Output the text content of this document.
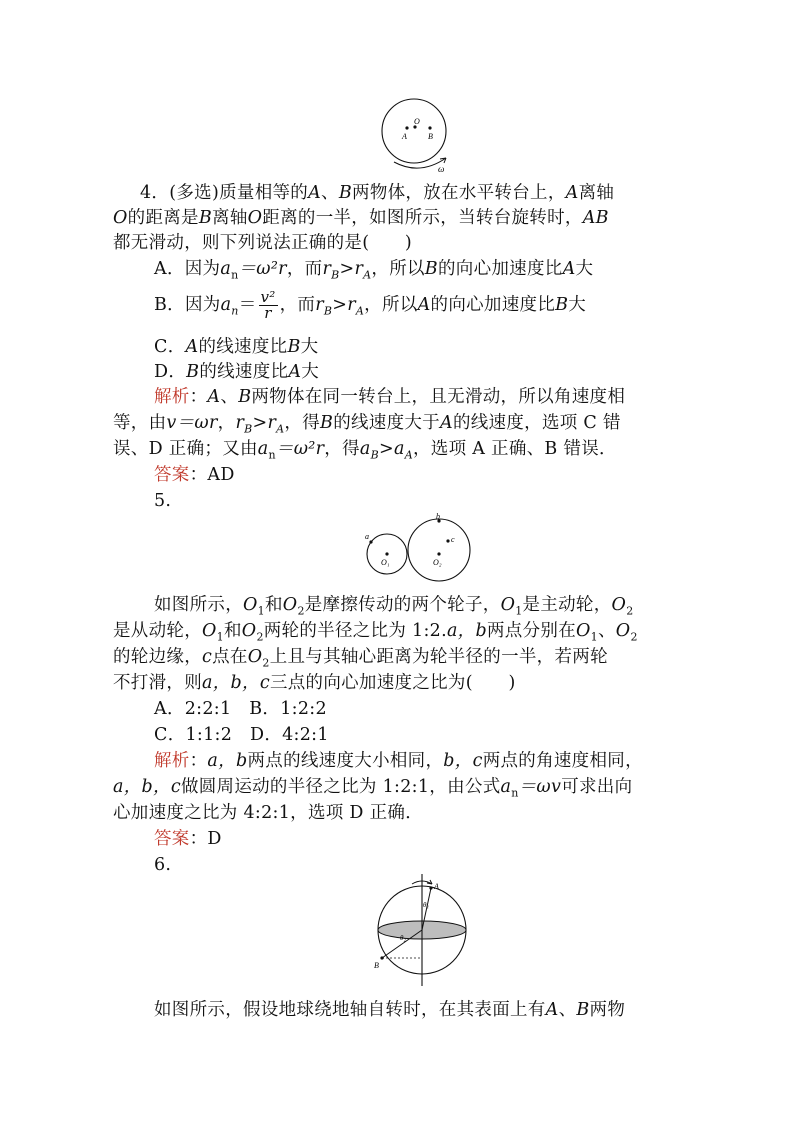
O
A	B
ω
4．(多选)质量相等的A、B两物体，放在水平转台上，A离轴
O的距离是B离轴O距离的一半，如图所示，当转台旋转时，AB
都无滑动，则下列说法正确的是(　　)
A．因为$a_n=\omega^2r$，而$r_B>r_A$，所以B的向心加速度比A大
B．因为$a_n= \frac{\text{v²}}{r}$ ，而$r_B>r_A$，所以A的向心加速度比B大
C．A的线速度比B大
D．B的线速度比A大
解析：A、B两物体在同一转台上，且无滑动，所以角速度相
等，由v＝ωr，$r_B>r_A$，得B的线速度大于A的线速度，选项 C 错
误、D 正确；又由$a_n=\omega^2r$，得$a_B>a_A$，选项 A 正确、B 错误．
答案：AD
5.
a
b
c
O₁	O₂
如图所示，$O_1$和$O_2$是摩擦传动的两个轮子，$O_1$是主动轮，$O_2$
是从动轮，$O_1$和$O_2$两轮的半径之比为 1:2.a，b两点分别在$O_1$、$O_2$
的轮边缘，c点在$O_2$上且与其轴心距离为轮半径的一半，若两轮
不打滑，则a，b，c三点的向心加速度之比为(　　)
A．2:2:1　B．1:2:2
C．1:1:2　D．4:2:1
解析：a，b两点的线速度大小相同，b，c两点的角速度相同，
a，b，c做圆周运动的半径之比为 1:2:1，由公式$a_n=\omega v$可求出向
心加速度之比为 4:2:1，选项 D 正确．
答案：D
6.
A
B
θ₁
θ₂
如图所示，假设地球绕地轴自转时，在其表面上有A、B两物
